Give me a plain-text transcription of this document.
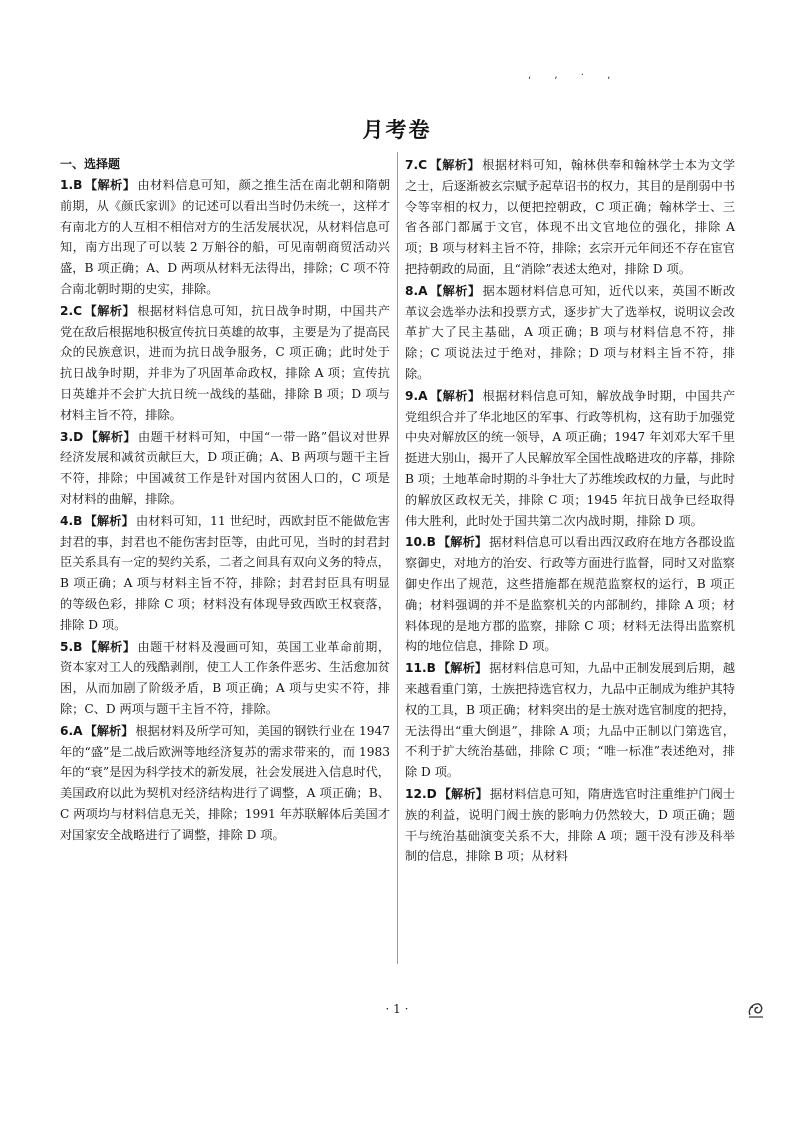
, , · ,
月考卷
一、选择题

1.B 【解析】 由材料信息可知，颜之推生活在南北朝和隋朝前期，从《颜氏家训》的记述可以看出当时仍未统一，这样才有南北方的人互相不相信对方的生活发展状况，从材料信息可知，南方出现了可以装 2 万斛谷的船，可见南朝商贸活动兴盛，B 项正确；A、D 两项从材料无法得出，排除；C 项不符合南北朝时期的史实，排除。

2.C 【解析】 根据材料信息可知，抗日战争时期，中国共产党在敌后根据地积极宣传抗日英雄的故事，主要是为了提高民众的民族意识，进而为抗日战争服务，C 项正确；此时处于抗日战争时期，并非为了巩固革命政权，排除 A 项；宣传抗日英雄并不会扩大抗日统一战线的基础，排除 B 项；D 项与材料主旨不符，排除。

3.D 【解析】 由题干材料可知，中国“一带一路”倡议对世界经济发展和减贫贡献巨大，D 项正确；A、B 两项与题干主旨不符，排除；中国减贫工作是针对国内贫困人口的，C 项是对材料的曲解，排除。

4.B 【解析】 由材料可知，11 世纪时，西欧封臣不能做危害封君的事，封君也不能伤害封臣等，由此可见，当时的封君封臣关系具有一定的契约关系，二者之间具有双向义务的特点，B 项正确；A 项与材料主旨不符，排除；封君封臣具有明显的等级色彩，排除 C 项；材料没有体现导致西欧王权衰落，排除 D 项。

5.B 【解析】 由题干材料及漫画可知，英国工业革命前期，资本家对工人的残酷剥削，使工人工作条件恶劣、生活愈加贫困，从而加剧了阶级矛盾，B 项正确；A 项与史实不符，排除；C、D 两项与题干主旨不符，排除。

6.A 【解析】 根据材料及所学可知，美国的钢铁行业在 1947 年的“盛”是二战后欧洲等地经济复苏的需求带来的，而 1983 年的“衰”是因为科学技术的新发展，社会发展进入信息时代，美国政府以此为契机对经济结构进行了调整，A 项正确；B、C 两项均与材料信息无关，排除；1991 年苏联解体后美国才对国家安全战略进行了调整，排除 D 项。

7.C 【解析】 根据材料可知，翰林供奉和翰林学士本为文学之士，后逐渐被玄宗赋予起草诏书的权力，其目的是削弱中书令等宰相的权力，以便把控朝政，C 项正确；翰林学士、三省各部门都属于文官，体现不出文官地位的强化，排除 A 项；B 项与材料主旨不符，排除；玄宗开元年间还不存在宦官把持朝政的局面，且“消除”表述太绝对，排除 D 项。

8.A 【解析】 据本题材料信息可知，近代以来，英国不断改革议会选举办法和投票方式，逐步扩大了选举权，说明议会改革扩大了民主基础，A 项正确；B 项与材料信息不符，排除；C 项说法过于绝对，排除；D 项与材料主旨不符，排除。

9.A 【解析】 根据材料信息可知，解放战争时期，中国共产党组织合并了华北地区的军事、行政等机构，这有助于加强党中央对解放区的统一领导，A 项正确；1947 年刘邓大军千里挺进大别山，揭开了人民解放军全国性战略进攻的序幕，排除 B 项；土地革命时期的斗争壮大了苏维埃政权的力量，与此时的解放区政权无关，排除 C 项；1945 年抗日战争已经取得伟大胜利，此时处于国共第二次内战时期，排除 D 项。

10.B 【解析】 据材料信息可以看出西汉政府在地方各郡设监察御史，对地方的治安、行政等方面进行监督，同时又对监察御史作出了规范，这些措施都在规范监察权的运行，B 项正确；材料强调的并不是监察机关的内部制约，排除 A 项；材料体现的是地方郡的监察，排除 C 项；材料无法得出监察机构的地位信息，排除 D 项。

11.B 【解析】 据材料信息可知，九品中正制发展到后期，越来越看重门第，士族把持选官权力，九品中正制成为维护其特权的工具，B 项正确；材料突出的是士族对选官制度的把持，无法得出“重大倒退”，排除 A 项；九品中正制以门第选官，不利于扩大统治基础，排除 C 项；“唯一标准”表述绝对，排除 D 项。

12.D 【解析】 据材料信息可知，隋唐选官时注重维护门阀士族的利益，说明门阀士族的影响力仍然较大，D 项正确；题干与统治基础演变关系不大，排除 A 项；题干没有涉及科举制的信息，排除 B 项；从材料

· 1 ·
